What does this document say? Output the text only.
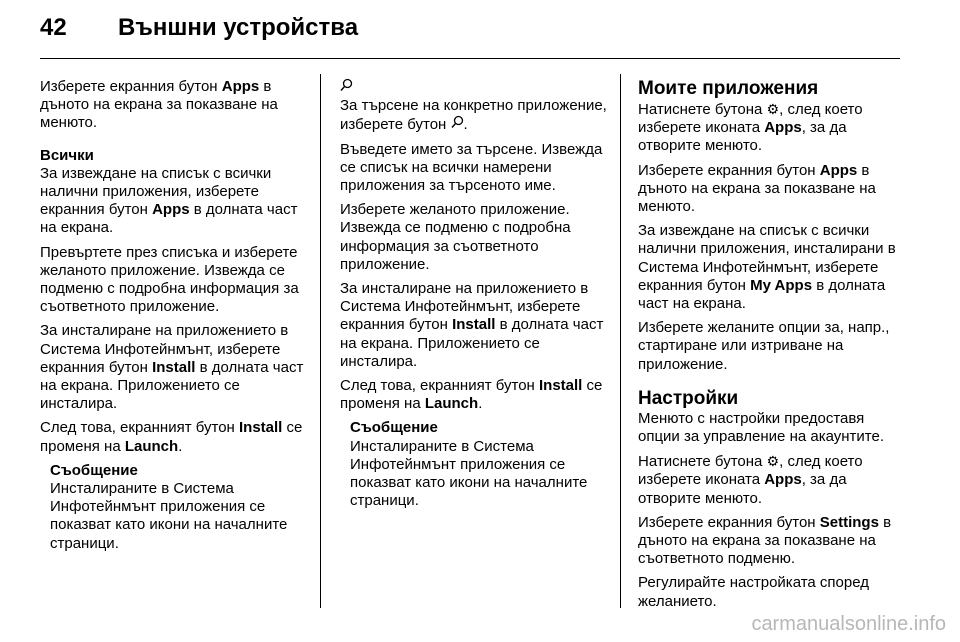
42 Външни устройства

Изберете екранния бутон Apps в дъното на екрана за показване на менюто.

Всички

За извеждане на списък с всички налични приложения, изберете екранния бутон Apps в долната част на екрана.

Превъртете през списъка и изберете желаното приложение. Извежда се подменю с подробна информация за съответното приложение.

За инсталиране на приложението в Система Инфотейнмънт, изберете екранния бутон Install в долната част на екрана. Приложението се инсталира.

След това, екранният бутон Install се променя на Launch.

Съобщение
Инсталираните в Система Инфотейнмънт приложения се показват като икони на началните страници.

За търсене на конкретно приложение, изберете бутон .

Въведете името за търсене. Извежда се списък на всички намерени приложения за търсеното име.

Изберете желаното приложение. Извежда се подменю с подробна информация за съответното приложение.

За инсталиране на приложението в Система Инфотейнмънт, изберете екранния бутон Install в долната част на екрана. Приложението се инсталира.

След това, екранният бутон Install се променя на Launch.

Съобщение
Инсталираните в Система Инфотейнмънт приложения се показват като икони на началните страници.
Моите приложения

Натиснете бутона ⚙, след което изберете иконата Apps, за да отворите менюто.

Изберете екранния бутон Apps в дъното на екрана за показване на менюто.

За извеждане на списък с всички налични приложения, инсталирани в Система Инфотейнмънт, изберете екранния бутон My Apps в долната част на екрана.

Изберете желаните опции за, напр., стартиране или изтриване на приложение.

Настройки

Менюто с настройки предоставя опции за управление на акаунтите.

Натиснете бутона ⚙, след което изберете иконата Apps, за да отворите менюто.

Изберете екранния бутон Settings в дъното на екрана за показване на съответното подменю.

Регулирайте настройката според желанието.

carmanualsonline.info
